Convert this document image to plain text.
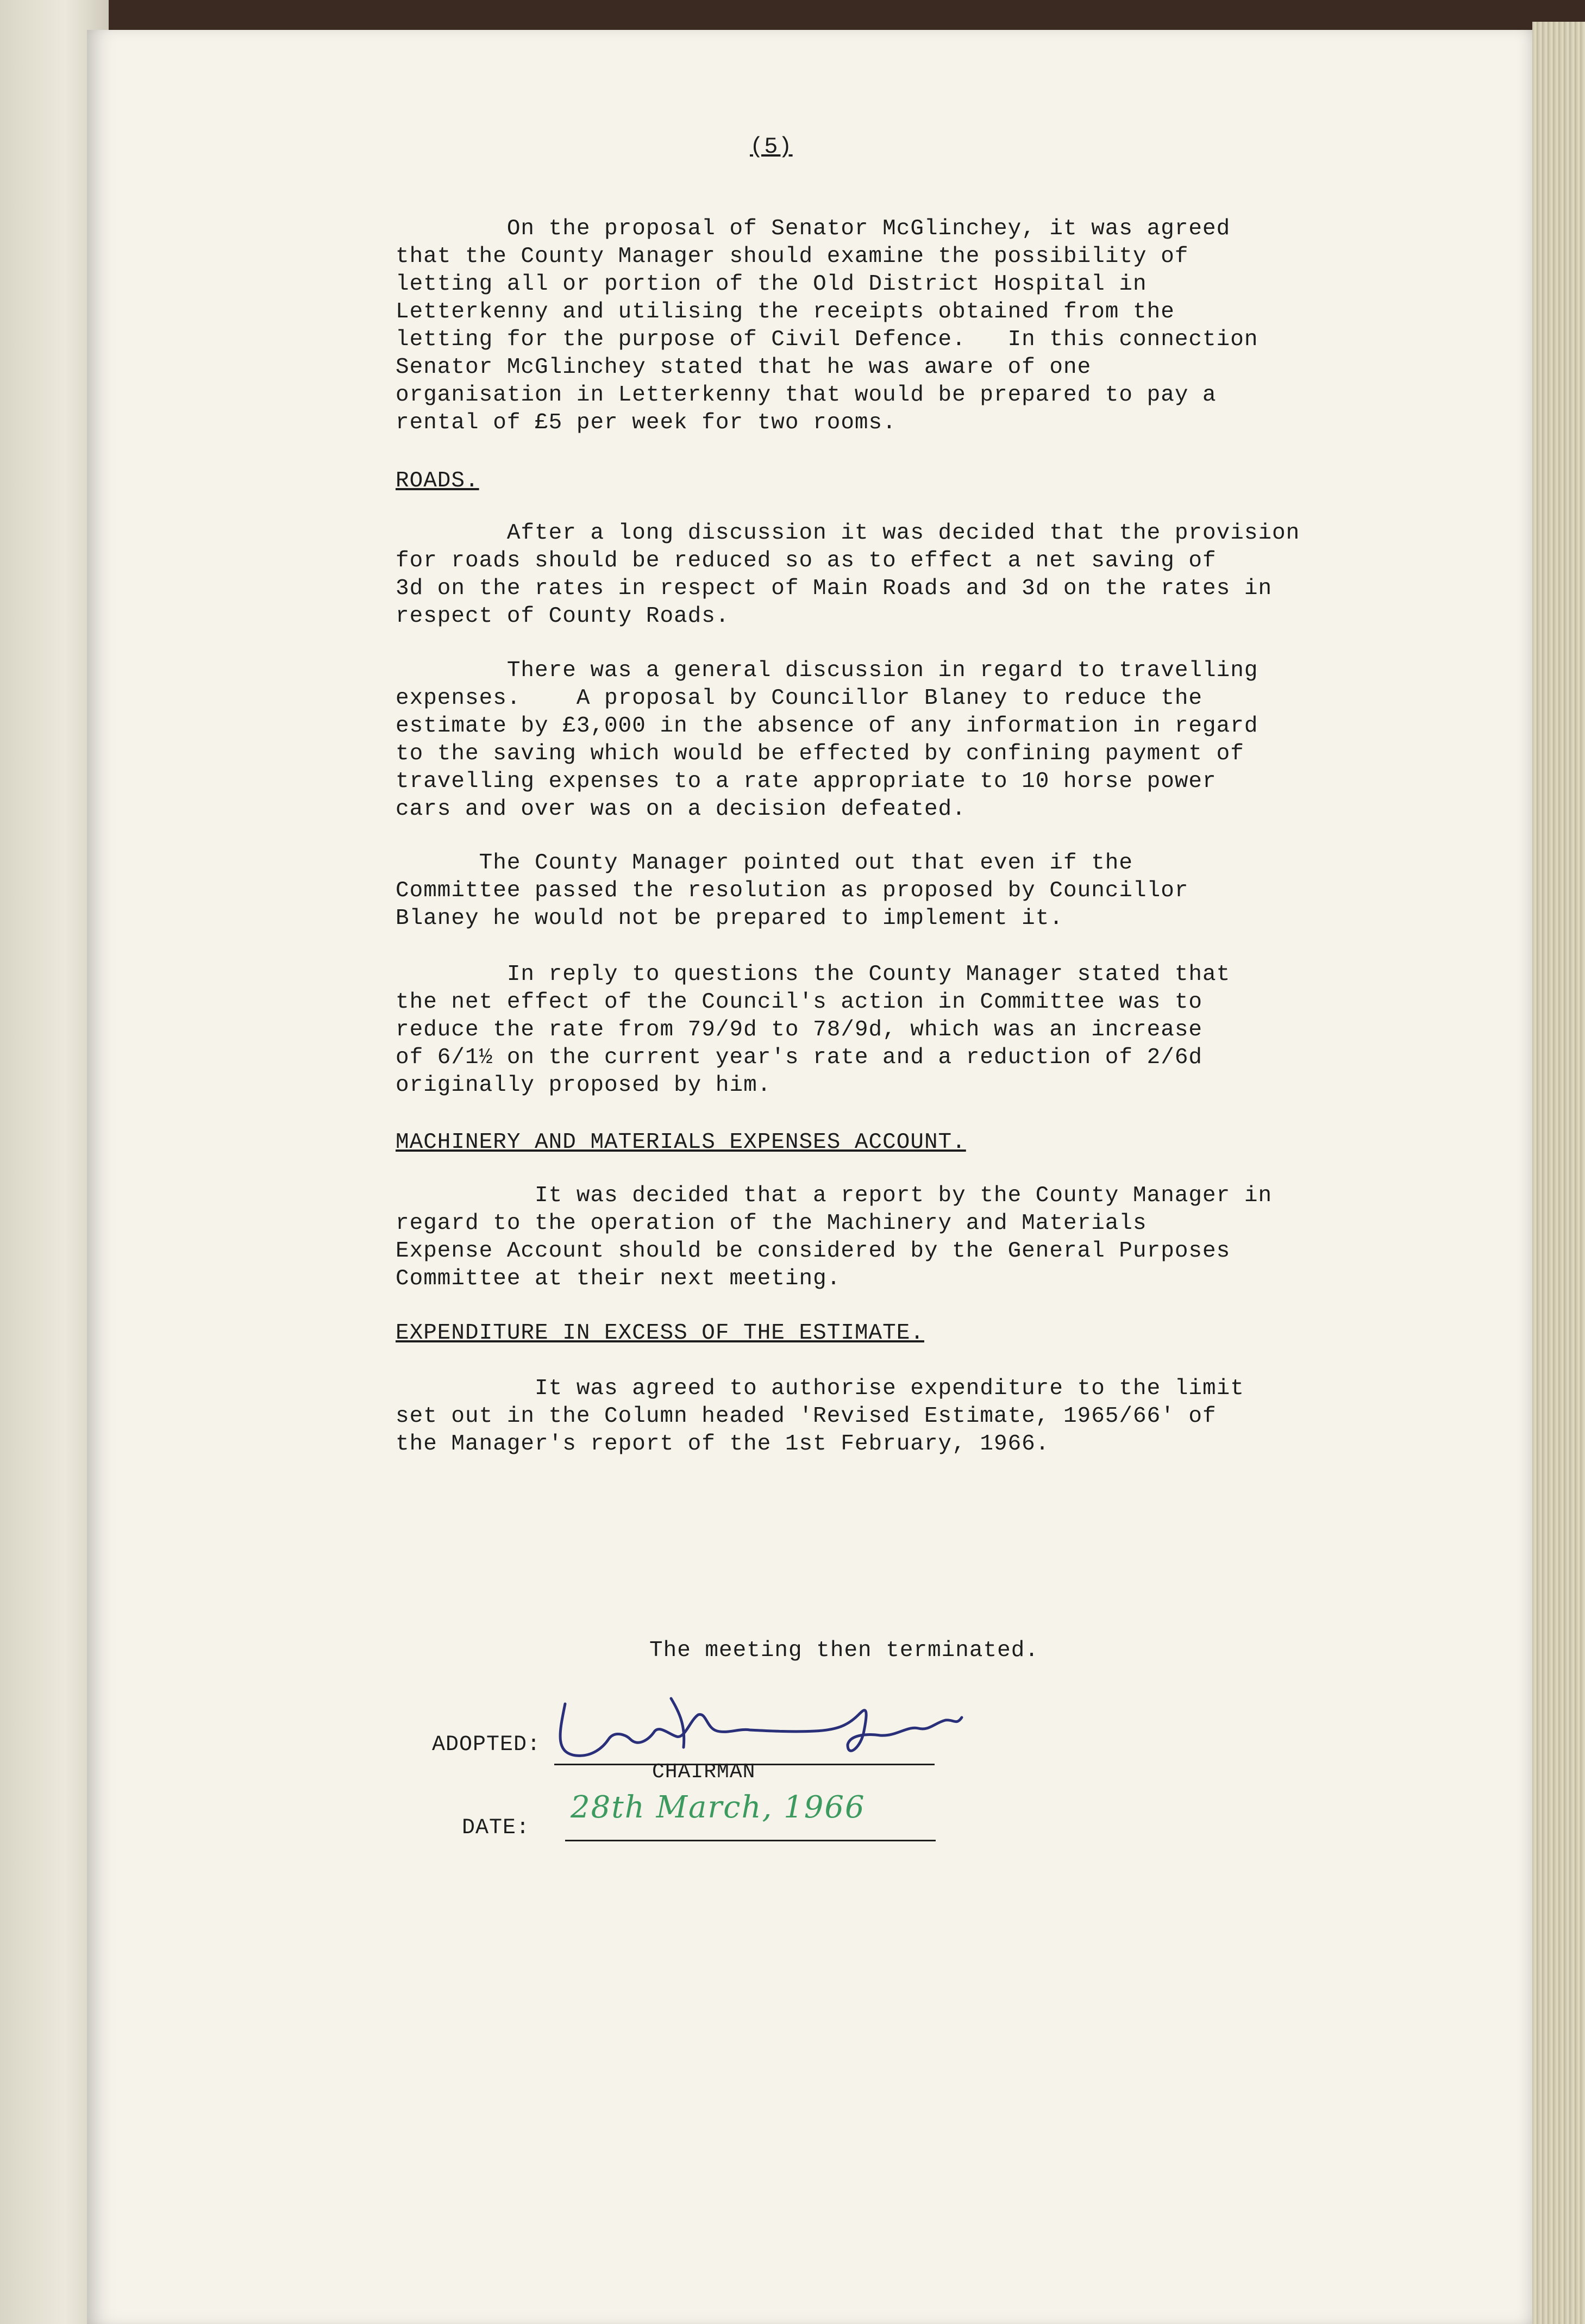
(5)
On the proposal of Senator McGlinchey, it was agreed
that the County Manager should examine the possibility of
letting all or portion of the Old District Hospital in
Letterkenny and utilising the receipts obtained from the
letting for the purpose of Civil Defence.   In this connection
Senator McGlinchey stated that he was aware of one
organisation in Letterkenny that would be prepared to pay a
rental of £5 per week for two rooms.
ROADS.
After a long discussion it was decided that the provision
for roads should be reduced so as to effect a net saving of
3d on the rates in respect of Main Roads and 3d on the rates in
respect of County Roads.
There was a general discussion in regard to travelling
expenses.    A proposal by Councillor Blaney to reduce the
estimate by £3,000 in the absence of any information in regard
to the saving which would be effected by confining payment of
travelling expenses to a rate appropriate to 10 horse power
cars and over was on a decision defeated.
The County Manager pointed out that even if the
Committee passed the resolution as proposed by Councillor
Blaney he would not be prepared to implement it.
In reply to questions the County Manager stated that
the net effect of the Council's action in Committee was to
reduce the rate from 79/9d to 78/9d, which was an increase
of 6/1½ on the current year's rate and a reduction of 2/6d
originally proposed by him.
MACHINERY AND MATERIALS EXPENSES ACCOUNT.
It was decided that a report by the County Manager in
regard to the operation of the Machinery and Materials
Expense Account should be considered by the General Purposes
Committee at their next meeting.
EXPENDITURE IN EXCESS OF THE ESTIMATE.
It was agreed to authorise expenditure to the limit
set out in the Column headed 'Revised Estimate, 1965/66' of
the Manager's report of the 1st February, 1966.
The meeting then terminated.
ADOPTED:
CHAIRMAN
DATE:
28th March, 1966
